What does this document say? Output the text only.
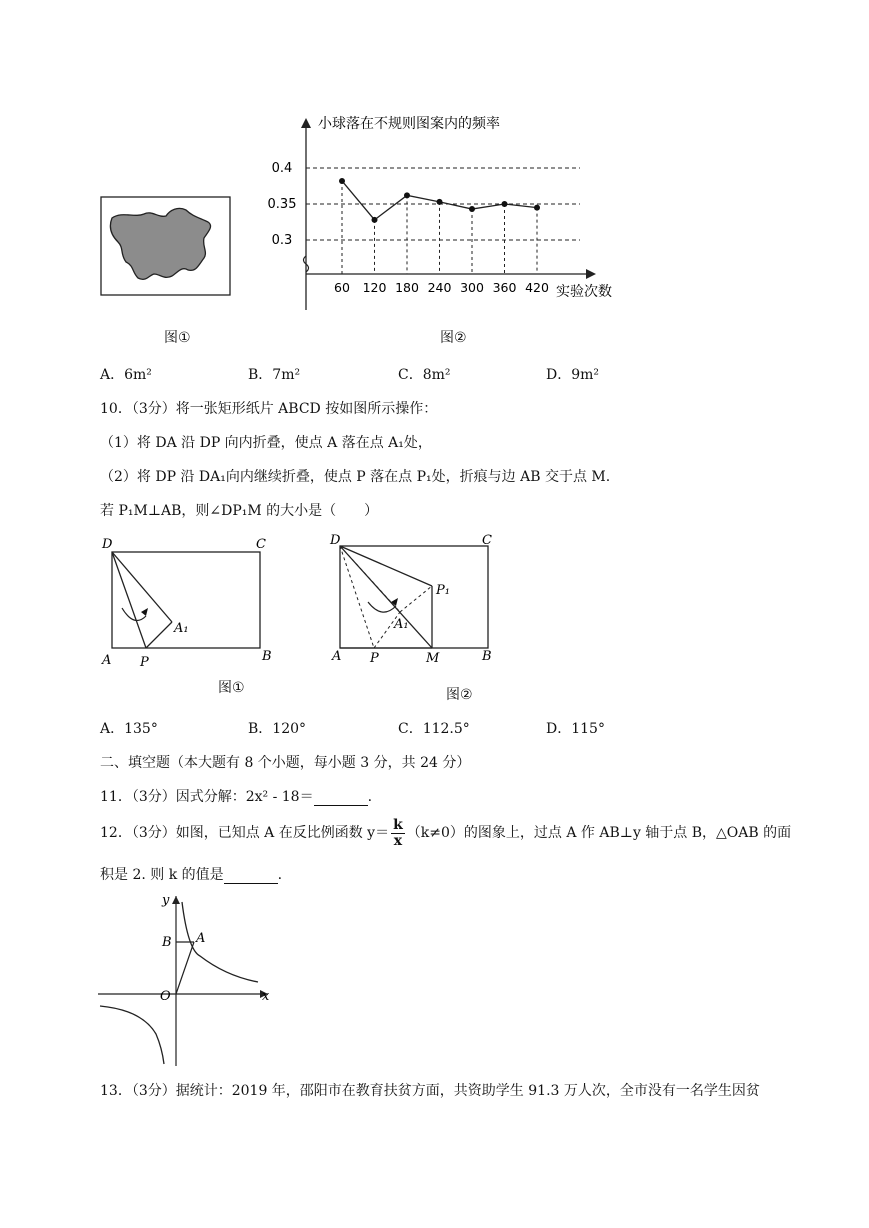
图①
0.4
0.35
0.3
小球落在不规则图案内的频率
实验次数
60 120 180 240 300 360 420
图②
A．6m²	B．7m²	C．8m²	D．9m²
10．（3分）将一张矩形纸片 ABCD 按如图所示操作：
（1）将 DA 沿 DP 向内折叠，使点 A 落在点 A₁处，
（2）将 DP 沿 DA₁向内继续折叠，使点 P 落在点 P₁处，折痕与边 AB 交于点 M.
若 P₁M⊥AB，则∠DP₁M 的大小是（　　）
D	C
A P	B
A₁
图①
D	C
A P	M	B
A₁
P₁
图②
A．135°	B．120°	C．112.5°	D．115°
二、填空题（本大题有 8 个小题，每小题 3 分，共 24 分）
11．（3分）因式分解：2x² - 18＝	.
12．（3分）如图，已知点 A 在反比例函数 $y= \frac{k}{x} (k\ne 0)$的图象上，过点 A 作 AB⊥y 轴于点 B，△OAB 的面
积是 2. 则 k 的值是	.
y
x
O
A
B
13．（3分）据统计：2019 年，邵阳市在教育扶贫方面，共资助学生 91.3 万人次，全市没有一名学生因贫
